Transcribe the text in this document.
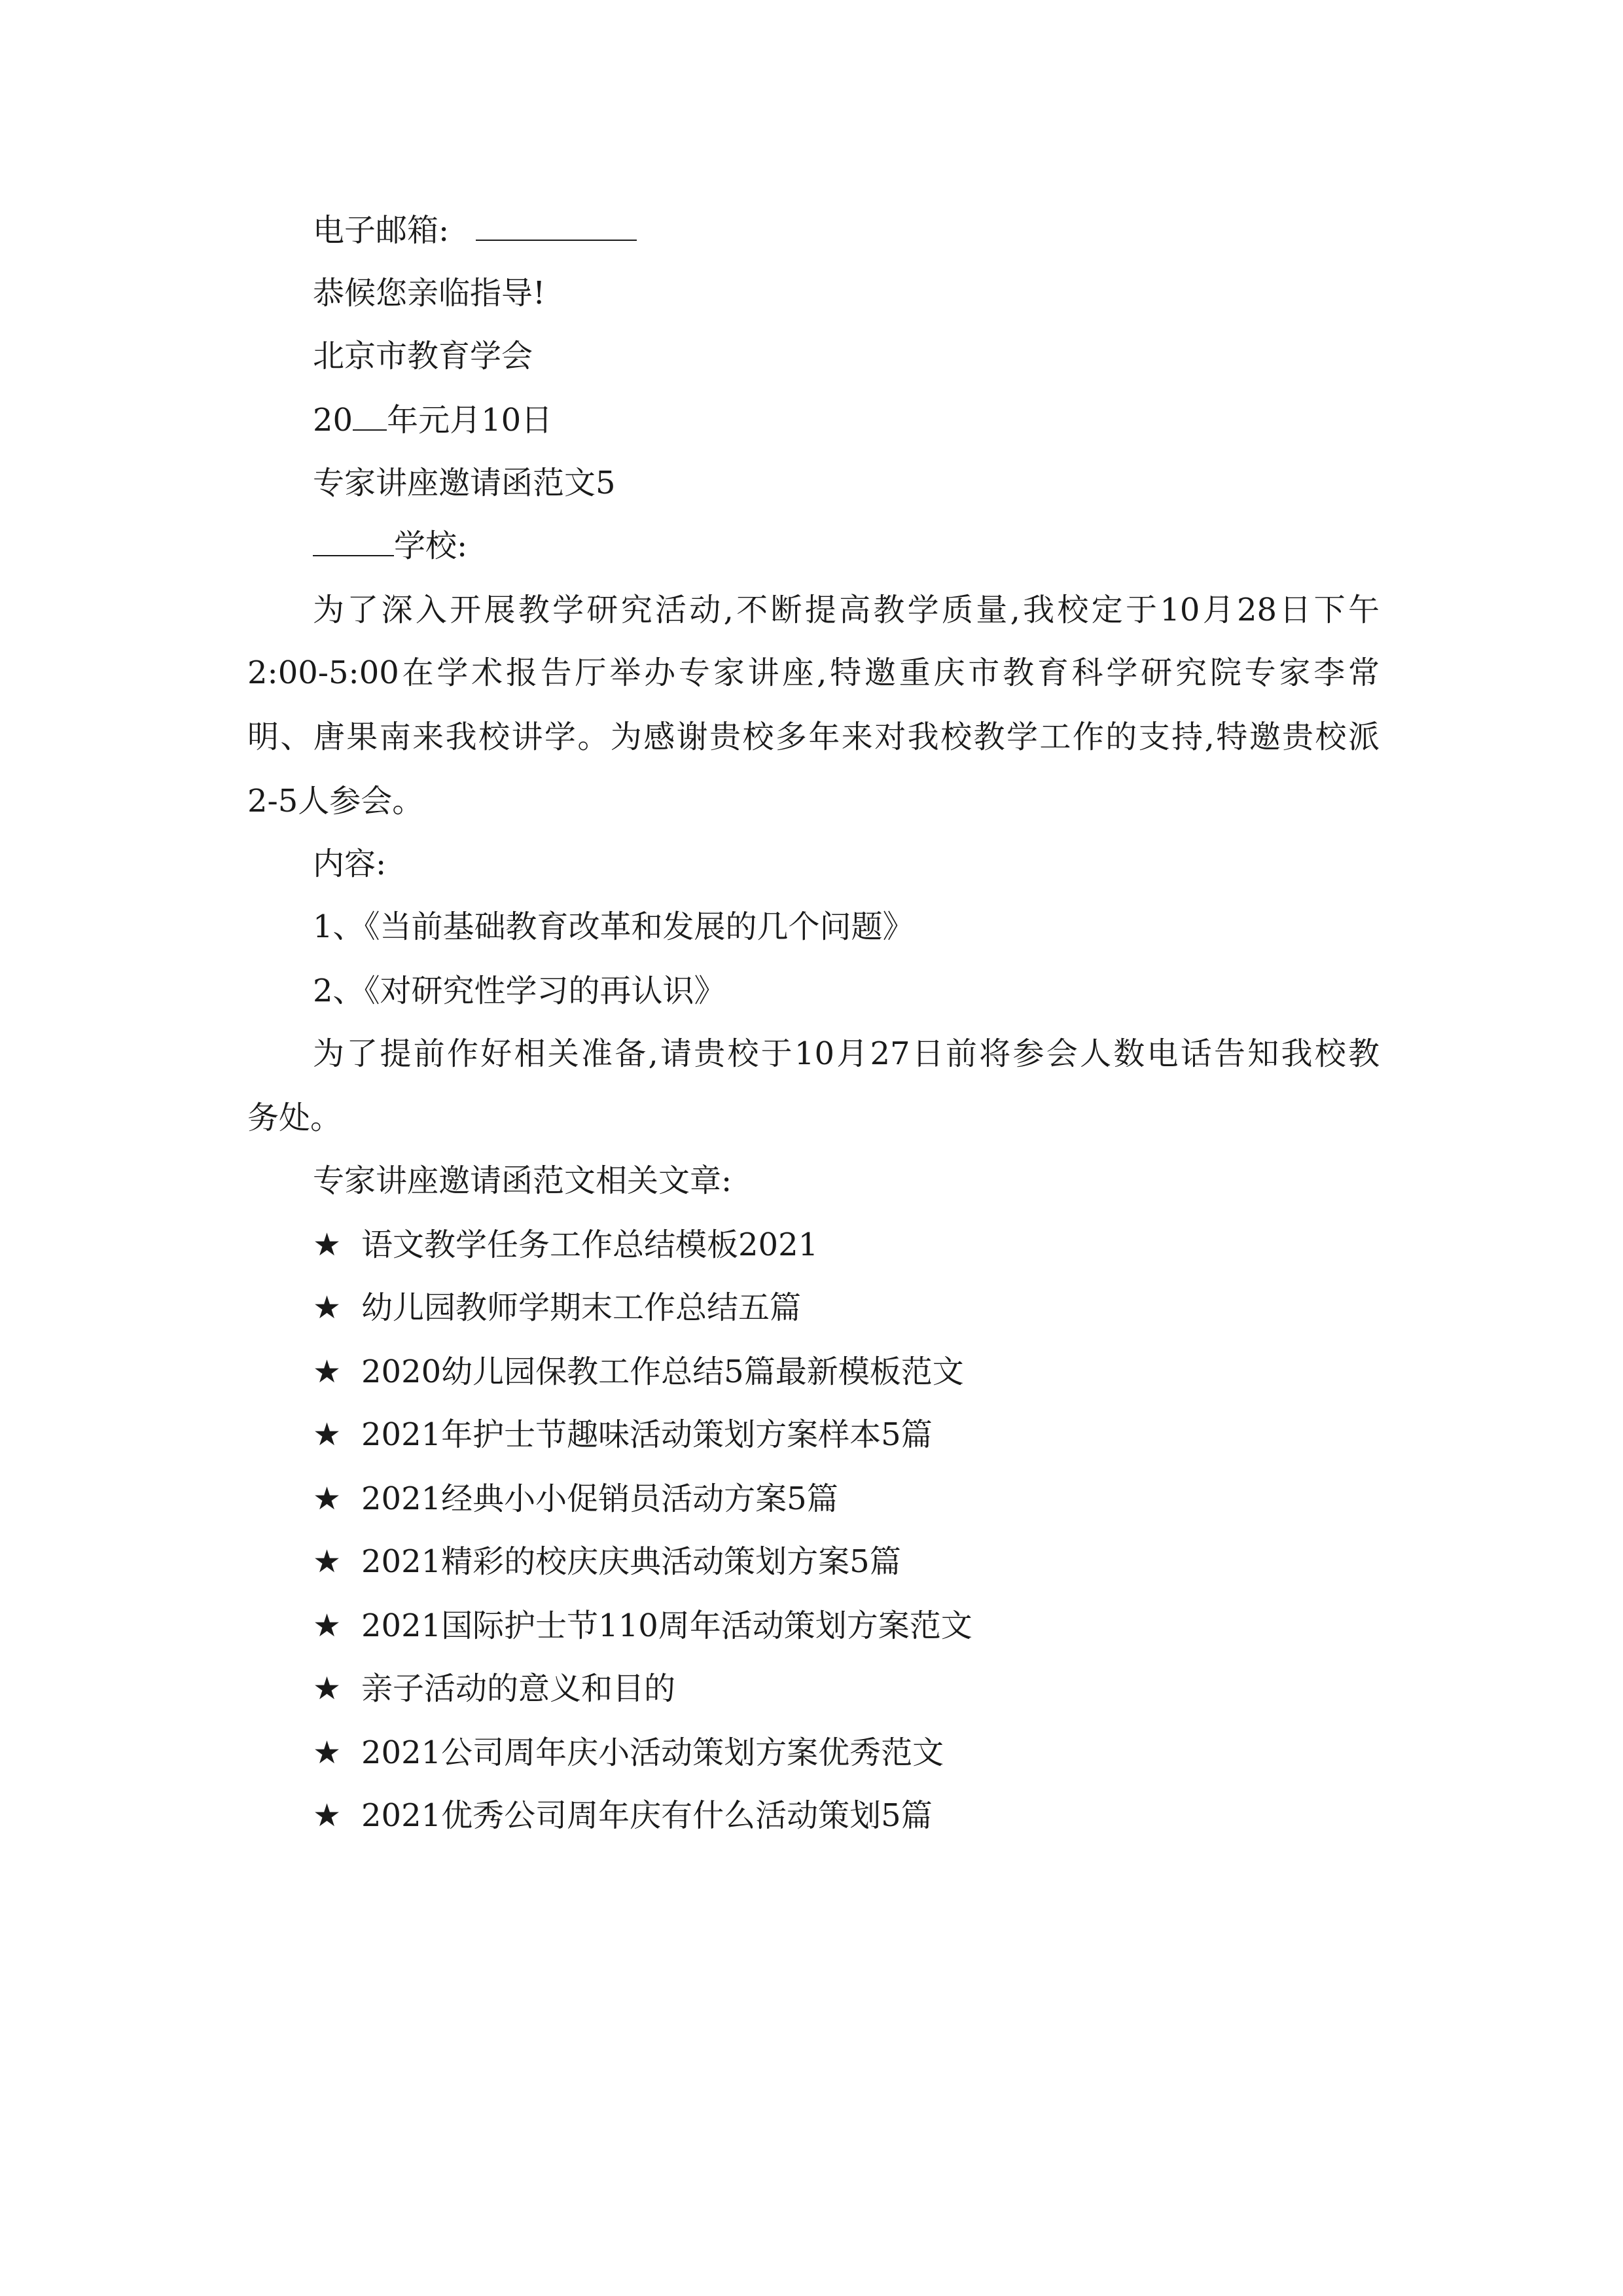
电子邮箱:
恭候您亲临指导!
北京市教育学会
20 年元月10日
专家讲座邀请函范文5
学校:
为了深入开展教学研究活动,不断提高教学质量,我校定于10月28日下午
2:00-5:00在学术报告厅举办专家讲座,特邀重庆市教育科学研究院专家李常
明、唐果南来我校讲学。为感谢贵校多年来对我校教学工作的支持,特邀贵校派
2-5人参会。
内容:
1、《当前基础教育改革和发展的几个问题》
2、《对研究性学习的再认识》
为了提前作好相关准备,请贵校于10月27日前将参会人数电话告知我校教
务处。
专家讲座邀请函范文相关文章:
★ 语文教学任务工作总结模板2021
★ 幼儿园教师学期末工作总结五篇
★ 2020幼儿园保教工作总结5篇最新模板范文
★ 2021年护士节趣味活动策划方案样本5篇
★ 2021经典小小促销员活动方案5篇
★ 2021精彩的校庆庆典活动策划方案5篇
★ 2021国际护士节110周年活动策划方案范文
★ 亲子活动的意义和目的
★ 2021公司周年庆小活动策划方案优秀范文
★ 2021优秀公司周年庆有什么活动策划5篇
